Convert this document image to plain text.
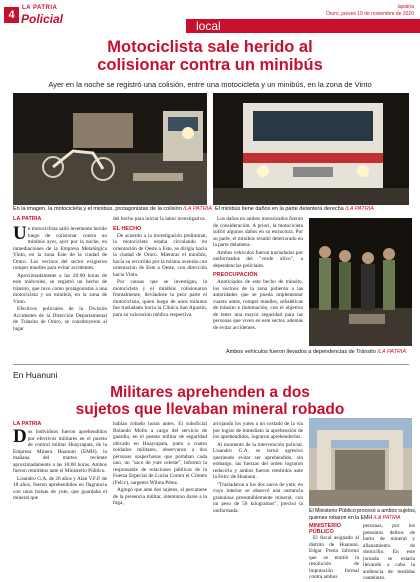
4
LA PATRIA
Policial	local
lapatria
Oruro, jueves 19 de noviembre de 2020
Motociclista sale herido al
colisionar contra un minibús
Ayer en la noche se registró una colisión, entre una motocicleta y un minibús, en la zona de Vinto
En la imagen, la motocicleta y el minibús, protagonistas de la colisión /LA PATRIA El minibús tiene daños en la parte delantera derecha /LA PATRIA
LA PATRIA

Un motociclista salió levemente herido luego de colisionar contra un minibús ayer, ayer por la noche, en inmediaciones de la Empresa Metalúrgica Vinto, en la zona Este de la ciudad de Oruro. Los vecinos del sector exigieron romper muelles para evitar accidentes.

Aproximadamente a las 20:00 horas de este miércoles, se registró un hecho de tránsito, que tuvo como protagonistas a una motocicleta y un minibús, en la zona de Vinto.

Efectivos policiales de la División Accidentes de la Dirección Departamental de Tránsito de Oruro, se constituyeron al lugar

del hecho para iniciar la labor investigativa.

EL HECHO

De acuerdo a la investigación preliminar, la motocicleta estaba circulando en orientación de Oeste a Este, se dirigía hacia la ciudad de Oruro. Mientras el minibús, hacía su recorrido por la misma avenida con orientación de Este a Oeste, con dirección hacia Vinto.

Por causas que se investigan, la motocicleta y el minibús colisionaron frontalmente, llevándose la peor parte el motociclista, quien luego de unos minutos fue trasladado hacia la Clínica San Agustín, para su valoración médica respectiva.

Los daños en ambos motorizados fueron de consideración. A priori, la motocicleta sufrió algunos daños en su estructura. Por su parte, el minibús resultó deteriorado en la parte delantera.

Ambos vehículos fueron trasladados por uniformados del "verde olivo", a dependencias policiales.

PREOCUPACIÓN

Anoticiados de este hecho de tránsito, los vecinos de la zona pidieron a las autoridades que se pueda implementar cuanto antes, romper muelles, señaléticas de tránsito e iluminación, con el objetivo de tener una mayor seguridad para las personas que viven en este sector, además de evitar accidentes.

Ambos vehículos fueron llevados a dependencias de Tránsito /LA PATRIA
En Huanuni
Militares aprehenden a dos
sujetos que llevaban mineral robado
LA PATRIA

Dos individuos fueron aprehendidos por efectivos militares en el puesto de control militar Huayrapata, de la Empresa Minera Huanuni (EMH), la mañana del martes reciente aproximadamente a las 10:00 horas. Ambos fueron remitidos ante el Ministerio Público.

Lisandro G.A. de 26 años y Alan V.F.P. de 18 años, fueron aprehendidos en flagrancia con unas bolsas de yute, que guardaba el mineral que

habían robado horas antes. El suboficial Rolando Mollo a cargo del servicio de guardia, en el puesto militar de seguridad ubicado en Huayrapata, junto a cuatro soldados militares, observaron a dos personas sospechosas que portaban cada uno, un "saco de yute celeste", informó la responsable de relaciones públicas de la Fuerza Especial de Lucha Contra el Crimen (Felcc), sargento Wilma Pérez.

Agregó que ante dos sujetos, al percatarse de la presencia militar, intentaron darse a la fuga,

arrojando los yutes a un costado de la vía por lograr de inmediato la aprehensión de los aprehendidos, lograron aprehenderlos.

Al momento de la intervención policial, Lisandro G.A. se tornó agresivo queriendo evitar ser aprehendido, sin embargo, las fuerzas del orden lograron reducirlo y ambos fueron remitidos ante la Felcc de Huanuni.

"Trasladaron a los dos sacos de yute, en cuyo interior se observó una sustancia granulosa presumiblemente mineral, con un peso de 50 kilogramos", precisó la uniformada.	El Ministerio Público procesó a ambos sujetos, quienes robaron en la EMH /LA PATRIA
MINISTERIO PÚBLICO

El fiscal asignado al distrito de Huanuni, Edgar Prena informó que se emitió la resolución de imputación formal contra ambos

personas, por los presuntos delitos de hurto de mineral y allanamiento de domicilio. En este jornada se estaría llevando a cabo la audiencia de medidas cautelares.
